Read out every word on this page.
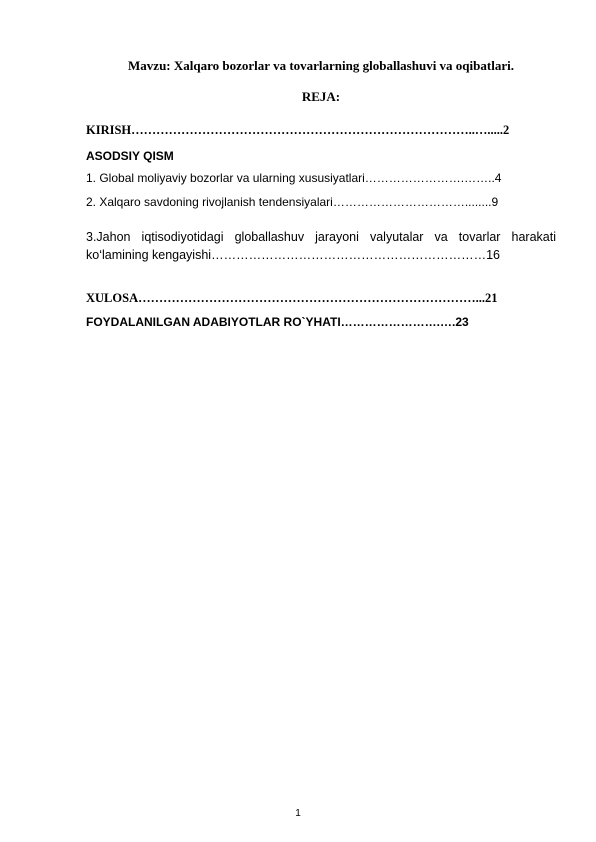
Mavzu: Xalqaro bozorlar va tovarlarning globallashuvi va oqibatlari.
REJA:
KIRISH………………………………………………………………………..….....2
ASODSIY QISM
1. Global moliyaviy bozorlar va ularning xususiyatlari…………………….……..4
2. Xalqaro savdoning rivojlanish tendensiyalari……………………………........9
3.Jahon iqtisodiyotidagi globallashuv jarayoni valyutalar va tovarlar harakati ko‘lamining kengayishi…………………………………………………………16
XULOSA………………………………………………………………………...21
FOYDALANILGAN ADABIYOTLAR RO`YHATI…………………….….23
1
